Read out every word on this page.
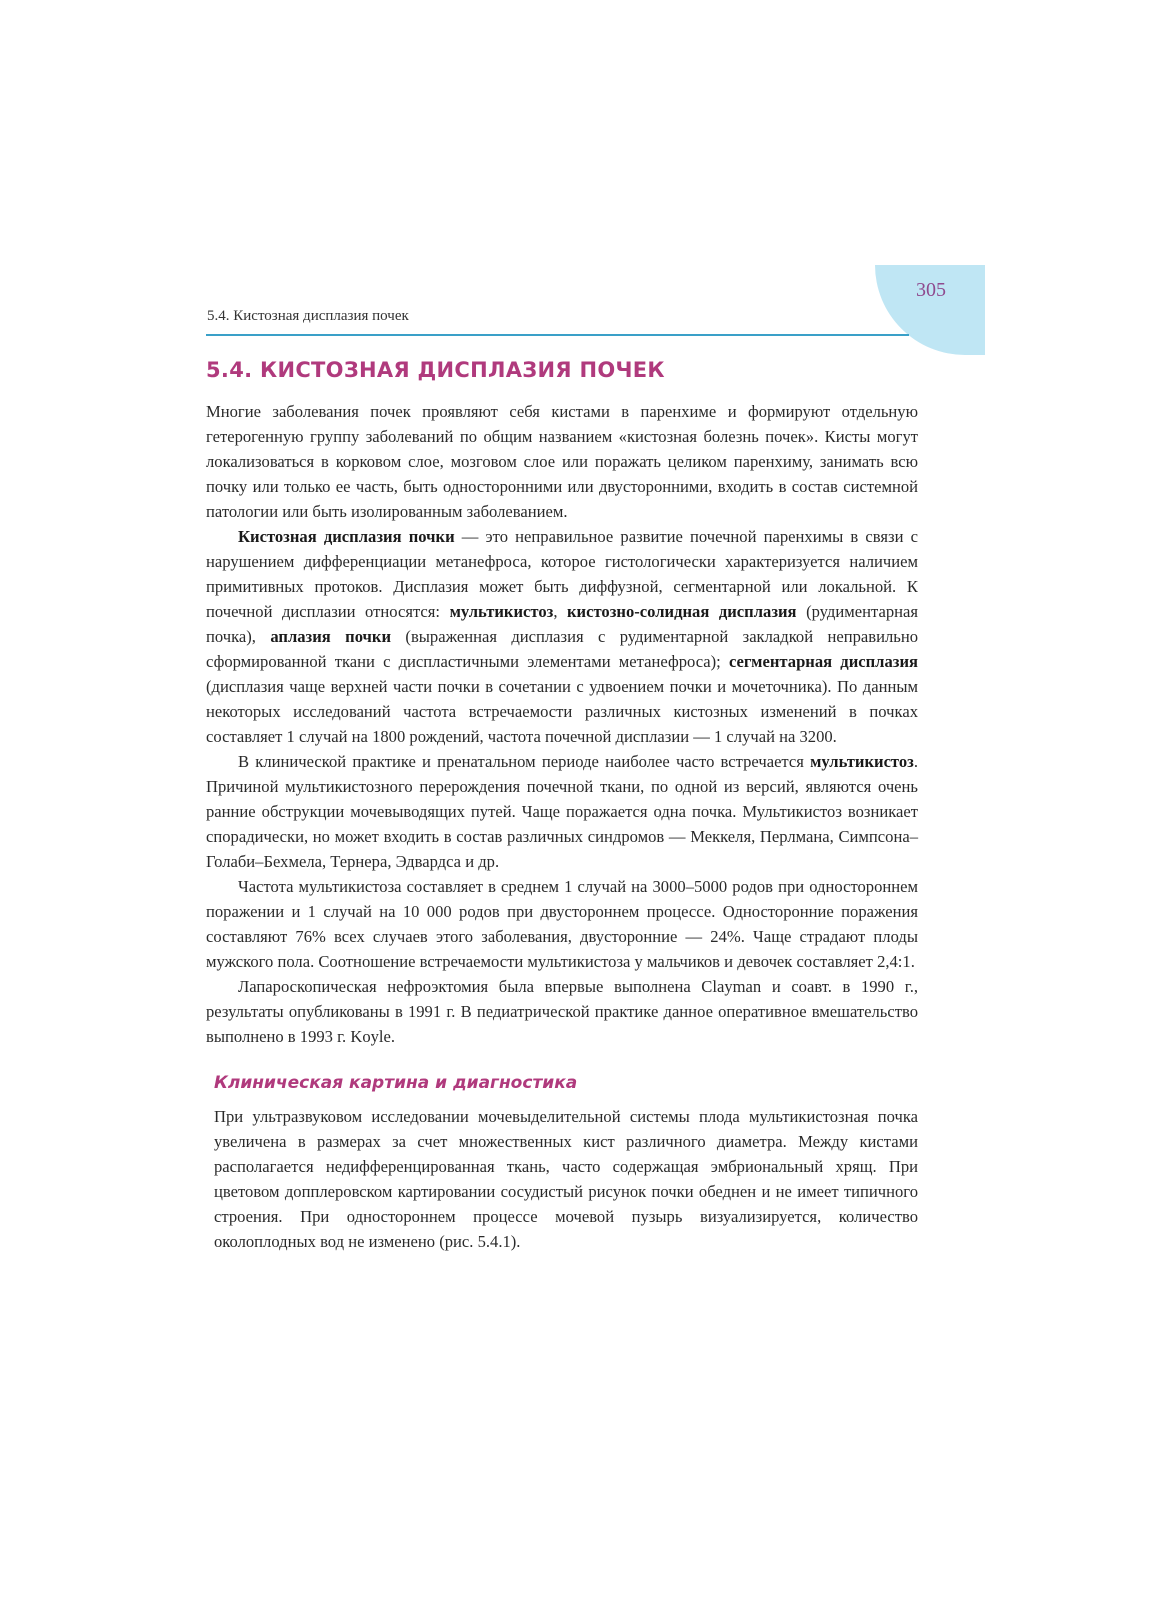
305
5.4. Кистозная дисплазия почек
5.4. КИСТОЗНАЯ ДИСПЛАЗИЯ ПОЧЕК

Многие заболевания почек проявляют себя кистами в паренхиме и формируют отдельную гетерогенную группу заболеваний по общим названием «кистозная болезнь почек». Кисты могут локализоваться в корковом слое, мозговом слое или поражать целиком паренхиму, занимать всю почку или только ее часть, быть односторонними или двусторонними, входить в состав системной патологии или быть изолированным заболеванием.

Кистозная дисплазия почки — это неправильное развитие почечной паренхимы в связи с нарушением дифференциации метанефроса, которое гистологически характеризуется наличием примитивных протоков. Дисплазия может быть диффузной, сегментарной или локальной. К почечной дисплазии относятся: мультикистоз, кистозно-солидная дисплазия (рудиментарная почка), аплазия почки (выраженная дисплазия с рудиментарной закладкой неправильно сформированной ткани с диспластичными элементами метанефроса); сегментарная дисплазия (дисплазия чаще верхней части почки в сочетании с удвоением почки и мочеточника). По данным некоторых исследований частота встречаемости различных кистозных изменений в почках составляет 1 случай на 1800 рождений, частота почечной дисплазии — 1 случай на 3200.

В клинической практике и пренатальном периоде наиболее часто встречается мультикистоз. Причиной мультикистозного перерождения почечной ткани, по одной из версий, являются очень ранние обструкции мочевыводящих путей. Чаще поражается одна почка. Мультикистоз возникает спорадически, но может входить в состав различных синдромов — Меккеля, Перлмана, Симпсона–Голаби–Бехмела, Тернера, Эдвардса и др.

Частота мультикистоза составляет в среднем 1 случай на 3000–5000 родов при одностороннем поражении и 1 случай на 10 000 родов при двустороннем процессе. Односторонние поражения составляют 76% всех случаев этого заболевания, двусторонние — 24%. Чаще страдают плоды мужского пола. Соотношение встречаемости мультикистоза у мальчиков и девочек составляет 2,4:1.

Лапароскопическая нефроэктомия была впервые выполнена Clayman и соавт. в 1990 г., результаты опубликованы в 1991 г. В педиатрической практике данное оперативное вмешательство выполнено в 1993 г. Koyle.

Клиническая картина и диагностика

При ультразвуковом исследовании мочевыделительной системы плода мультикистозная почка увеличена в размерах за счет множественных кист различного диаметра. Между кистами располагается недифференцированная ткань, часто содержащая эмбриональный хрящ. При цветовом допплеровском картировании сосудистый рисунок почки обеднен и не имеет типичного строения. При одностороннем процессе мочевой пузырь визуализируется, количество околоплодных вод не изменено (рис. 5.4.1).
